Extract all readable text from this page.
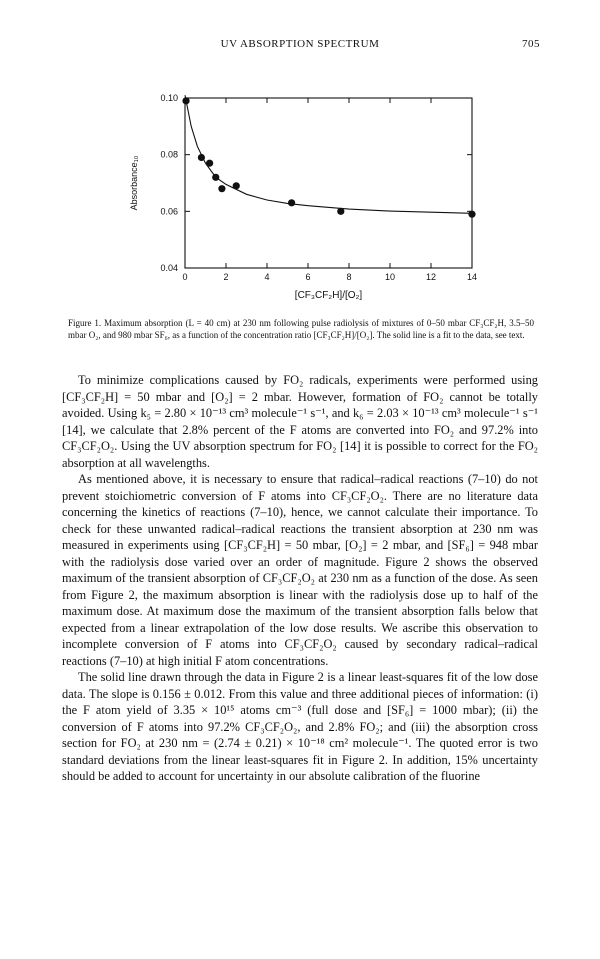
UV ABSORPTION SPECTRUM	705
0.04
0.06
0.08
0.10
0	2	4	6	8	10	12	14
Absorbance₁₀
[CF₃CF₂H]/[O₂]
Figure 1. Maximum absorption (L = 40 cm) at 230 nm following pulse radiolysis of mixtures of 0–50 mbar CF₃CF₂H, 3.5–50 mbar O₂, and 980 mbar SF₆, as a function of the concentration ratio [CF₃CF₂H]/[O₂]. The solid line is a fit to the data, see text.

To minimize complications caused by FO₂ radicals, experiments were performed using [CF₃CF₂H] = 50 mbar and [O₂] = 2 mbar. However, formation of FO₂ cannot be totally avoided. Using k₅ = 2.80 × 10⁻¹³ cm³ molecule⁻¹ s⁻¹, and k₆ = 2.03 × 10⁻¹³ cm³ molecule⁻¹ s⁻¹ [14], we calculate that 2.8% percent of the F atoms are converted into FO₂ and 97.2% into CF₃CF₂O₂. Using the UV absorption spectrum for FO₂ [14] it is possible to correct for the FO₂ absorption at all wavelengths.

As mentioned above, it is necessary to ensure that radical–radical reactions (7–10) do not prevent stoichiometric conversion of F atoms into CF₃CF₂O₂. There are no literature data concerning the kinetics of reactions (7–10), hence, we cannot calculate their importance. To check for these unwanted radical–radical reactions the transient absorption at 230 nm was measured in experiments using [CF₃CF₂H] = 50 mbar, [O₂] = 2 mbar, and [SF₆] = 948 mbar with the radiolysis dose varied over an order of magnitude. Figure 2 shows the observed maximum of the transient absorption of CF₃CF₂O₂ at 230 nm as a function of the dose. As seen from Figure 2, the maximum absorption is linear with the radiolysis dose up to half of the maximum dose. At maximum dose the maximum of the transient absorption falls below that expected from a linear extrapolation of the low dose results. We ascribe this observation to incomplete conversion of F atoms into CF₃CF₂O₂ caused by secondary radical–radical reactions (7–10) at high initial F atom concentrations.

The solid line drawn through the data in Figure 2 is a linear least-squares fit of the low dose data. The slope is 0.156 ± 0.012. From this value and three additional pieces of information: (i) the F atom yield of 3.35 × 10¹⁵ atoms cm⁻³ (full dose and [SF₆] = 1000 mbar); (ii) the conversion of F atoms into 97.2% CF₃CF₂O₂, and 2.8% FO₂; and (iii) the absorption cross section for FO₂ at 230 nm = (2.74 ± 0.21) × 10⁻¹⁸ cm² molecule⁻¹. The quoted error is two standard deviations from the linear least-squares fit in Figure 2. In addition, 15% uncertainty should be added to account for uncertainty in our absolute calibration of the fluorine
